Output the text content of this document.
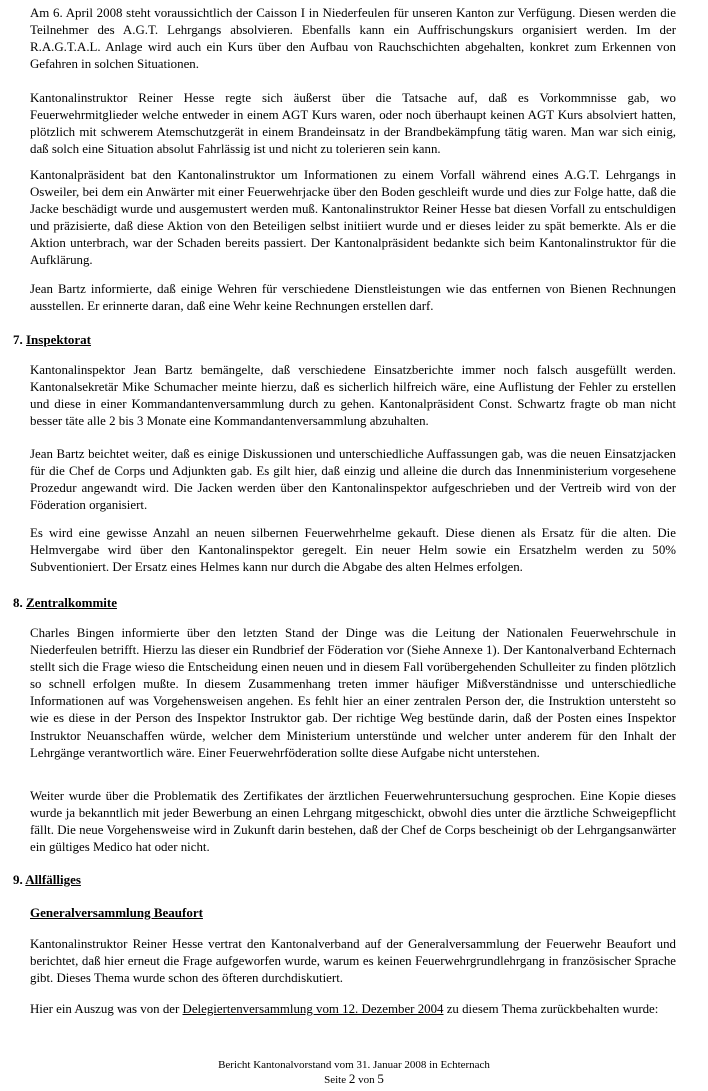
Am 6. April 2008 steht voraussichtlich der Caisson I in Niederfeulen für unseren Kanton zur Verfügung. Diesen werden die Teilnehmer des A.G.T. Lehrgangs absolvieren. Ebenfalls kann ein Auffrischungskurs organisiert werden. Im der R.A.G.T.A.L. Anlage wird auch ein Kurs über den Aufbau von Rauchschichten abgehalten, konkret zum Erkennen von Gefahren in solchen Situationen.

Kantonalinstruktor Reiner Hesse regte sich äußerst über die Tatsache auf, daß es Vorkommnisse gab, wo Feuerwehrmitglieder welche entweder in einem AGT Kurs waren, oder noch überhaupt keinen AGT Kurs absolviert hatten, plötzlich mit schwerem Atemschutzgerät in einem Brandeinsatz in der Brandbekämpfung tätig waren. Man war sich einig, daß solch eine Situation absolut Fahrlässig ist und nicht zu tolerieren sein kann.

Kantonalpräsident bat den Kantonalinstruktor um Informationen zu einem Vorfall während eines A.G.T. Lehrgangs in Osweiler, bei dem ein Anwärter mit einer Feuerwehrjacke über den Boden geschleift wurde und dies zur Folge hatte, daß die Jacke beschädigt wurde und ausgemustert werden muß. Kantonalinstruktor Reiner Hesse bat diesen Vorfall zu entschuldigen und präzisierte, daß diese Aktion von den Beteiligen selbst initiiert wurde und er dieses leider zu spät bemerkte. Als er die Aktion unterbrach, war der Schaden bereits passiert. Der Kantonalpräsident bedankte sich beim Kantonalinstruktor für die Aufklärung.

Jean Bartz informierte, daß einige Wehren für verschiedene Dienstleistungen wie das entfernen von Bienen Rechnungen ausstellen. Er erinnerte daran, daß eine Wehr keine Rechnungen erstellen darf.

7. Inspektorat

Kantonalinspektor Jean Bartz bemängelte, daß verschiedene Einsatzberichte immer noch falsch ausgefüllt werden. Kantonalsekretär Mike Schumacher meinte hierzu, daß es sicherlich hilfreich wäre, eine Auflistung der Fehler zu erstellen und diese in einer Kommandantenversammlung durch zu gehen. Kantonalpräsident Const. Schwartz fragte ob man nicht besser täte alle 2 bis 3 Monate eine Kommandantenversammlung abzuhalten.

Jean Bartz beichtet weiter, daß es einige Diskussionen und unterschiedliche Auffassungen gab, was die neuen Einsatzjacken für die Chef de Corps und Adjunkten gab. Es gilt hier, daß einzig und alleine die durch das Innenministerium vorgesehene Prozedur angewandt wird. Die Jacken werden über den Kantonalinspektor aufgeschrieben und der Vertreib wird von der Föderation organisiert.

Es wird eine gewisse Anzahl an neuen silbernen Feuerwehrhelme gekauft. Diese dienen als Ersatz für die alten. Die Helmvergabe wird über den Kantonalinspektor geregelt. Ein neuer Helm sowie ein Ersatzhelm werden zu 50% Subventioniert. Der Ersatz eines Helmes kann nur durch die Abgabe des alten Helmes erfolgen.

8. Zentralkommite

Charles Bingen informierte über den letzten Stand der Dinge was die Leitung der Nationalen Feuerwehrschule in Niederfeulen betrifft. Hierzu las dieser ein Rundbrief der Föderation vor (Siehe Annexe 1). Der Kantonalverband Echternach stellt sich die Frage wieso die Entscheidung einen neuen und in diesem Fall vorübergehenden Schulleiter zu finden plötzlich so schnell erfolgen mußte. In diesem Zusammenhang treten immer häufiger Mißverständnisse und unterschiedliche Informationen auf was Vorgehensweisen angehen. Es fehlt hier an einer zentralen Person der, die Instruktion untersteht so wie es diese in der Person des Inspektor Instruktor gab. Der richtige Weg bestünde darin, daß der Posten eines Inspektor Instruktor Neuanschaffen würde, welcher dem Ministerium unterstünde und welcher unter anderem für den Inhalt der Lehrgänge verantwortlich wäre. Einer Feuerwehrföderation sollte diese Aufgabe nicht unterstehen.

Weiter wurde über die Problematik des Zertifikates der ärztlichen Feuerwehruntersuchung gesprochen. Eine Kopie dieses wurde ja bekanntlich mit jeder Bewerbung an einen Lehrgang mitgeschickt, obwohl dies unter die ärztliche Schweigepflicht fällt. Die neue Vorgehensweise wird in Zukunft darin bestehen, daß der Chef de Corps bescheinigt ob der Lehrgangsanwärter ein gültiges Medico hat oder nicht.

9. Allfälliges
Generalversammlung Beaufort

Kantonalinstruktor Reiner Hesse vertrat den Kantonalverband auf der Generalversammlung der Feuerwehr Beaufort und berichtet, daß hier erneut die Frage aufgeworfen wurde, warum es keinen Feuerwehrgrundlehrgang in französischer Sprache gibt. Dieses Thema wurde schon des öfteren durchdiskutiert.

Hier ein Auszug was von der Delegiertenversammlung vom 12. Dezember 2004 zu diesem Thema zurückbehalten wurde:

Bericht Kantonalvorstand vom 31. Januar 2008 in Echternach
Seite 2 von 5
